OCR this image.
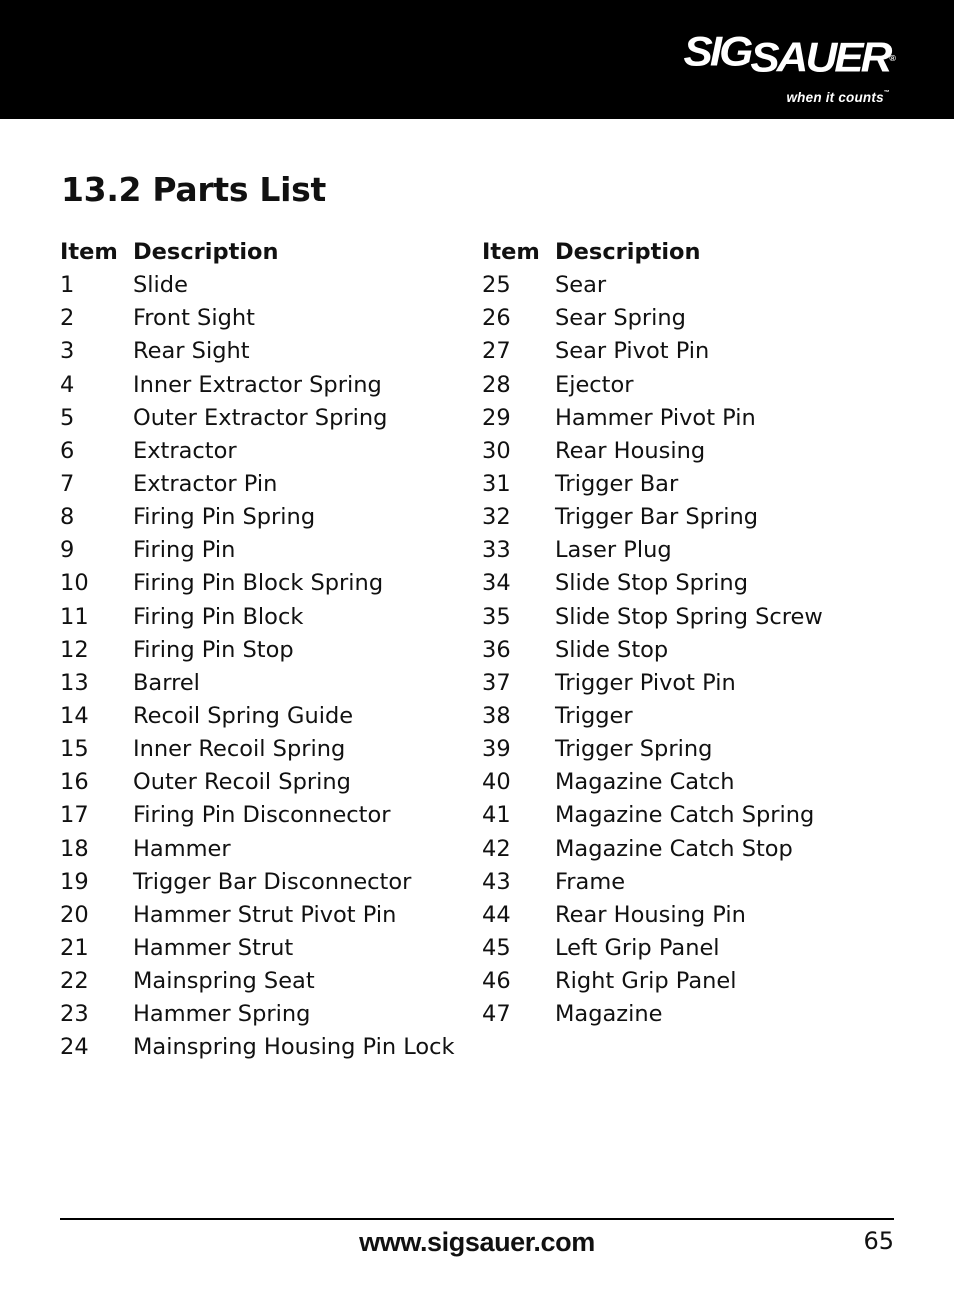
SIGSAUER®
when it counts™
13.2 Parts List
Item Description
1	Slide
2	Front Sight
3	Rear Sight
4	Inner Extractor Spring
5	Outer Extractor Spring
6	Extractor
7	Extractor Pin
8	Firing Pin Spring
9	Firing Pin
10 Firing Pin Block Spring
11 Firing Pin Block
12 Firing Pin Stop
13 Barrel
14 Recoil Spring Guide
15 Inner Recoil Spring
16 Outer Recoil Spring
17 Firing Pin Disconnector
18 Hammer
19 Trigger Bar Disconnector
20 Hammer Strut Pivot Pin
21 Hammer Strut
22 Mainspring Seat
23 Hammer Spring
24 Mainspring Housing Pin Lock
Item Description
25 Sear
26 Sear Spring
27 Sear Pivot Pin
28 Ejector
29 Hammer Pivot Pin
30 Rear Housing
31 Trigger Bar
32 Trigger Bar Spring
33 Laser Plug
34 Slide Stop Spring
35 Slide Stop Spring Screw
36 Slide Stop
37 Trigger Pivot Pin
38 Trigger
39 Trigger Spring
40 Magazine Catch
41 Magazine Catch Spring
42 Magazine Catch Stop
43 Frame
44 Rear Housing Pin
45 Left Grip Panel
46 Right Grip Panel
47 Magazine
www.sigsauer.com	65
